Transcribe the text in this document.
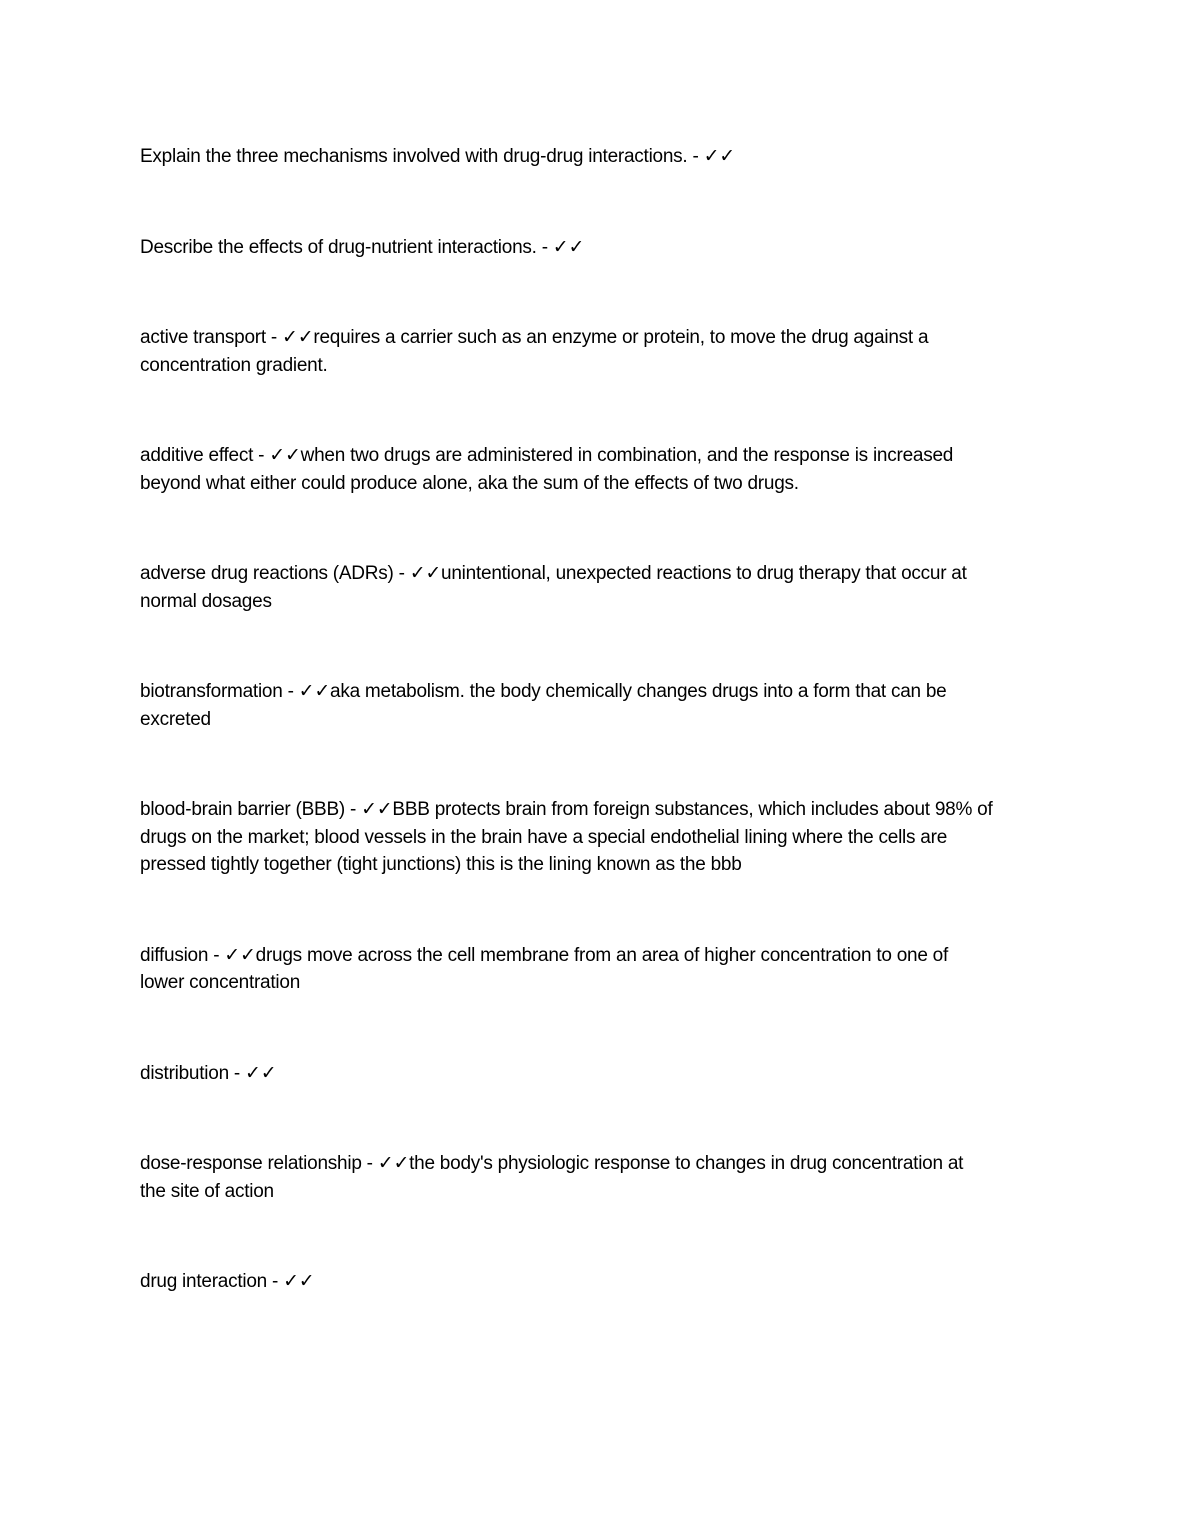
Explain the three mechanisms involved with drug-drug interactions. - ✓✓

Describe the effects of drug-nutrient interactions. - ✓✓

active transport - ✓✓requires a carrier such as an enzyme or protein, to move the drug against a
concentration gradient.

additive effect - ✓✓when two drugs are administered in combination, and the response is increased
beyond what either could produce alone, aka the sum of the effects of two drugs.

adverse drug reactions (ADRs) - ✓✓unintentional, unexpected reactions to drug therapy that occur at
normal dosages

biotransformation - ✓✓aka metabolism. the body chemically changes drugs into a form that can be
excreted

blood-brain barrier (BBB) - ✓✓BBB protects brain from foreign substances, which includes about 98% of
drugs on the market; blood vessels in the brain have a special endothelial lining where the cells are
pressed tightly together (tight junctions) this is the lining known as the bbb

diffusion - ✓✓drugs move across the cell membrane from an area of higher concentration to one of
lower concentration

distribution - ✓✓

dose-response relationship - ✓✓the body's physiologic response to changes in drug concentration at
the site of action

drug interaction - ✓✓
